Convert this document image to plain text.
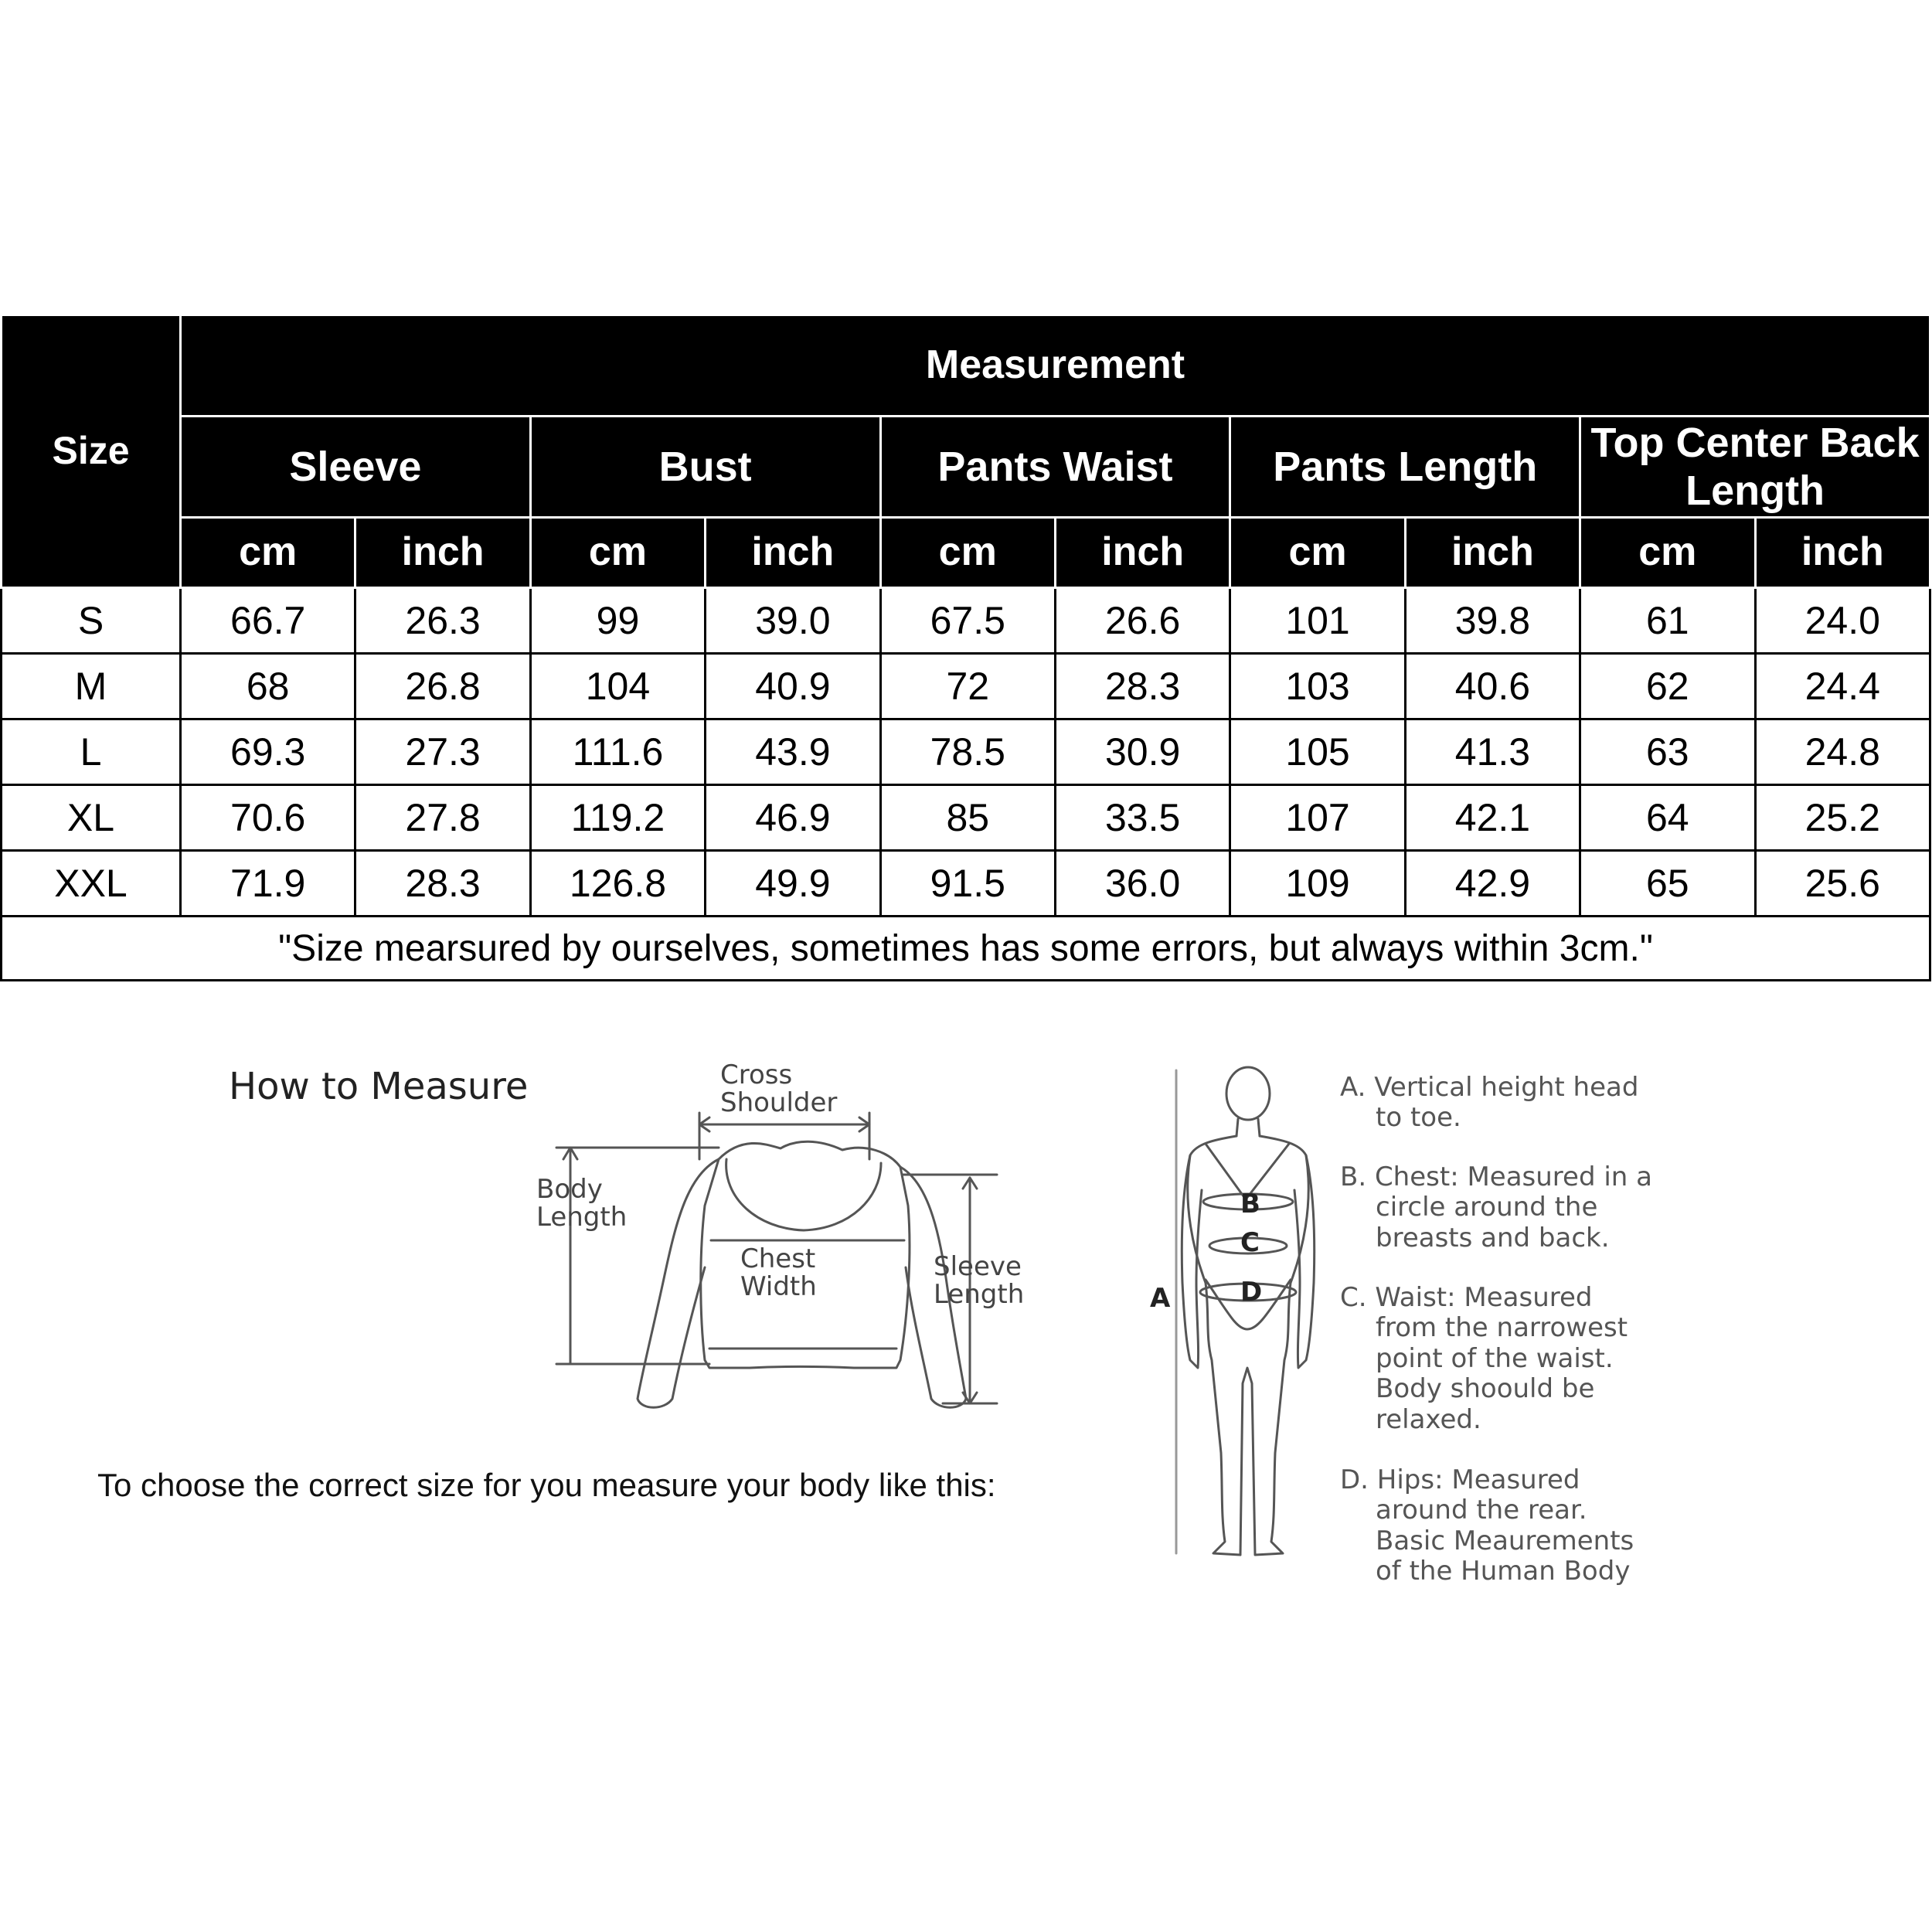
Size	Measurement									
	Sleeve		Bust		Pants Waist		Pants Length		Top Center Back Length	
	cm	inch	cm	inch	cm	inch	cm	inch	cm	inch
S	66.7	26.3	99	39.0	67.5	26.6	101	39.8	61	24.0
M	68	26.8	104	40.9	72	28.3	103	40.6	62	24.4
L	69.3	27.3	111.6	43.9	78.5	30.9	105	41.3	63	24.8
XL	70.6	27.8	119.2	46.9	85	33.5	107	42.1	64	25.2
XXL	71.9	28.3	126.8	49.9	91.5	36.0	109	42.9	65	25.6
"Size mearsured by ourselves, sometimes has some errors, but always within 3cm."										
How to Measure	Cross
Shoulder
Body
Length
Chest
Width
Sleeve
Length	A
B
C
D
To choose the correct size for you measure your body like this:
A. Vertical height head
to toe.
B. Chest: Measured in a
circle around the
breasts and back.
C. Waist: Measured
from the narrowest
point of the waist.
Body shoould be
relaxed.
D. Hips: Measured
around the rear.
Basic Meaurements
of the Human Body
